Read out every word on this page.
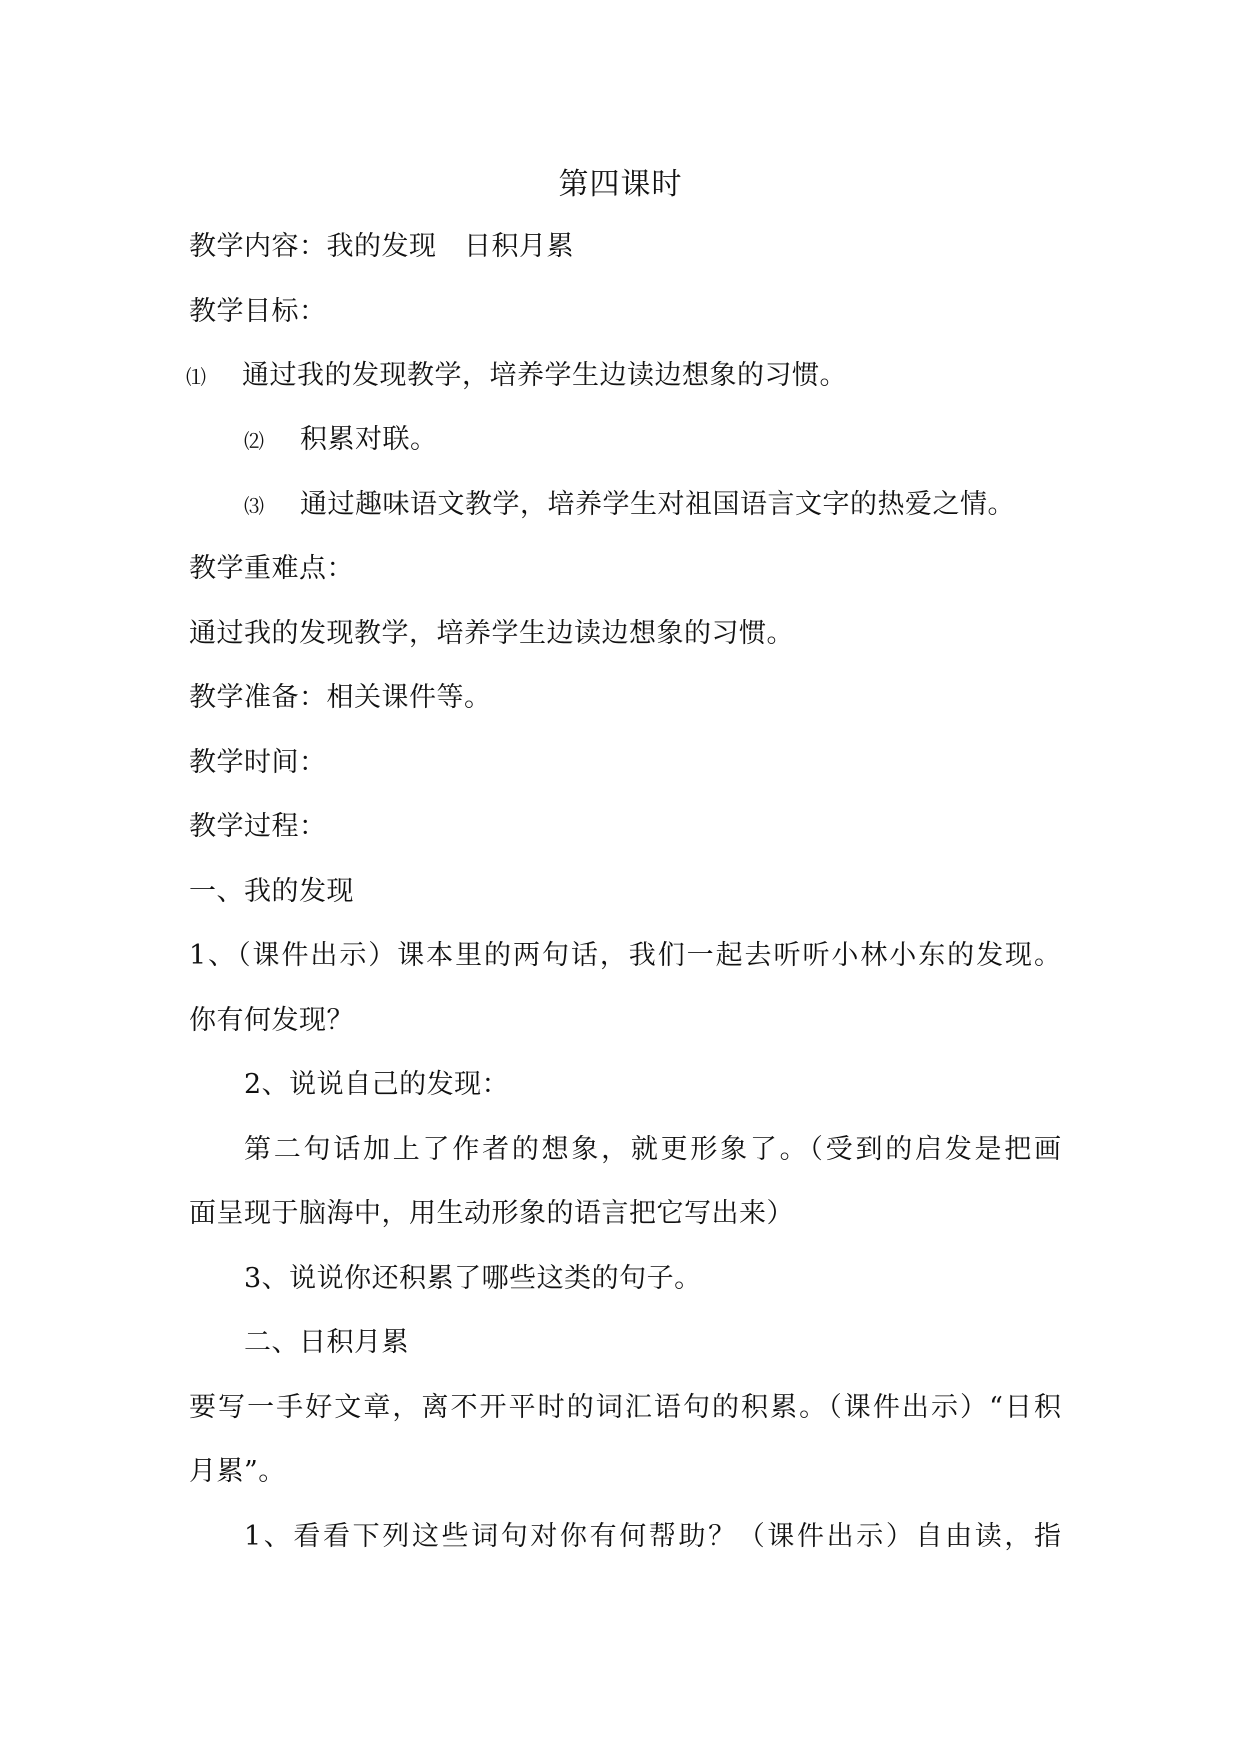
第四课时
教学内容：我的发现　日积月累
教学目标：
⑴ 通过我的发现教学，培养学生边读边想象的习惯。
⑵ 积累对联。
⑶ 通过趣味语文教学，培养学生对祖国语言文字的热爱之情。
教学重难点：
通过我的发现教学，培养学生边读边想象的习惯。
教学准备：相关课件等。
教学时间：
教学过程：
一、我的发现
1、（课件出示）课本里的两句话，我们一起去听听小林小东的发现。
你有何发现？
2、说说自己的发现：
第二句话加上了作者的想象，就更形象了。（受到的启发是把画
面呈现于脑海中，用生动形象的语言把它写出来）
3、说说你还积累了哪些这类的句子。
二、日积月累
要写一手好文章，离不开平时的词汇语句的积累。（课件出示）“日积
月累”。
1、看看下列这些词句对你有何帮助？（课件出示）自由读，指
